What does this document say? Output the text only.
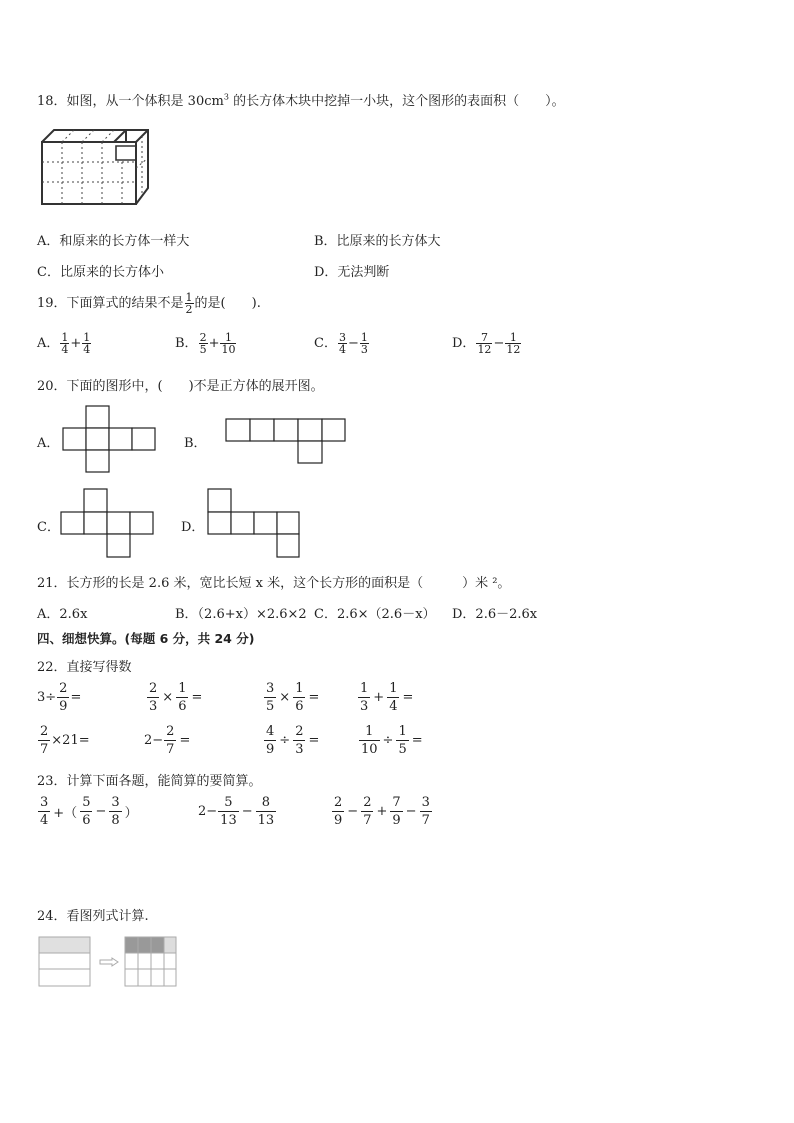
18．如图，从一个体积是 $30cm^3$ 的长方体木块中挖掉一小块，这个图形的表面积（　　）。
A．和原来的长方体一样大	B．比原来的长方体大
C．比原来的长方体小	D．无法判断
19．下面算式的结果不是 $\frac{1}{2}$ 的是(　　).
A． $\frac{1}{4} + \frac{1}{4}$	B． $\frac{2}{5} + \frac{1}{10}$	C． $\frac{3}{4} - \frac{1}{3}$	D． $\frac{7}{12} - \frac{1}{12}$
20．下面的图形中，(　　)不是正方体的展开图。
A．	B．
C．	D．
21．长方形的长是 2.6 米，宽比长短 x 米，这个长方形的面积是（　　　）米 ²。
A．2.6x	B．（2.6+x）×2.6×2 C．2.6×（2.6－x） D．2.6－2.6x
四、细想快算。(每题 6 分，共 24 分)
22．直接写得数
$3\div \frac{2}{9}$ =	$\frac{2}{3} \times \frac{1}{6}$ =	$\frac{3}{5} \times \frac{1}{6}$ =	$\frac{1}{3} + \frac{1}{4}$ =
$\frac{2}{7} \times 21=$	$2- \frac{2}{7}$ =	$\frac{4}{9} \div \frac{2}{3}$ =	$\frac{1}{10} \div \frac{1}{5}$ =
23．计算下面各题，能简算的要简算。
$\frac{3}{4}$ +（ $\frac{5}{6} - \frac{3}{8}$ ）	$2- \frac{5}{13} - \frac{8}{13}$	$\frac{2}{9} - \frac{2}{7} + \frac{7}{9} - \frac{3}{7}$
24．看图列式计算.
